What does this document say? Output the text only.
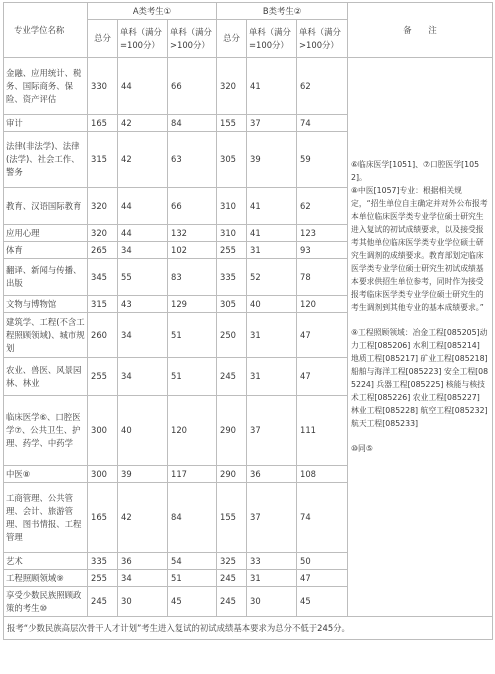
专业学位名称	A类考生①			B类考生②			备　　注
	总分	单科（满分=100分）	单科（满分>100分）	总分	单科（满分=100分）	单科（满分>100分）	
金融、应用统计、税务、国际商务、保险、资产评估	330	44	66	320	41	62	⑥临床医学[1051]、⑦口腔医学[1052]。
⑧中医[1057]专业：根据相关规定，“招生单位自主确定并对外公布报考本单位临床医学类专业学位硕士研究生进入复试的初试成绩要求，以及接受报考其他单位临床医学类专业学位硕士研究生调剂的成绩要求。教育部划定临床医学类专业学位硕士研究生初试成绩基本要求供招生单位参考，同时作为接受报考临床医学类专业学位硕士研究生的考生调剂到其他专业的基本成绩要求。”
⑨工程照顾领域：冶金工程[085205]动力工程[085206] 水利工程[085214] 地质工程[085217] 矿业工程[085218] 船舶与海洋工程[085223] 安全工程[085224] 兵器工程[085225] 核能与核技术工程[085226] 农业工程[085227] 林业工程[085228] 航空工程[085232] 航天工程[085233]
⑩同⑤

审计	165	42	84	155	37	74	
法律(非法学)、法律(法学)、社会工作、警务	315	42	63	305	39	59	
教育、汉语国际教育	320	44	66	310	41	62	
应用心理	320	44	132	310	41	123	
体育	265	34	102	255	31	93	
翻译、新闻与传播、出版	345	55	83	335	52	78	
文物与博物馆	315	43	129	305	40	120	
建筑学、工程(不含工程照顾领域)、城市规划	260	34	51	250	31	47	
农业、兽医、风景园林、林业	255	34	51	245	31	47	
临床医学⑥、口腔医学⑦、公共卫生、护理、药学、中药学	300	40	120	290	37	111	
中医⑧	300	39	117	290	36	108	
工商管理、公共管理、会计、旅游管理、图书情报、工程管理	165	42	84	155	37	74	
艺术	335	36	54	325	33	50	
工程照顾领域⑨	255	34	51	245	31	47	
享受少数民族照顾政策的考生⑩	245	30	45	245	30	45	
报考“少数民族高层次骨干人才计划”考生进入复试的初试成绩基本要求为总分不低于245分。							
